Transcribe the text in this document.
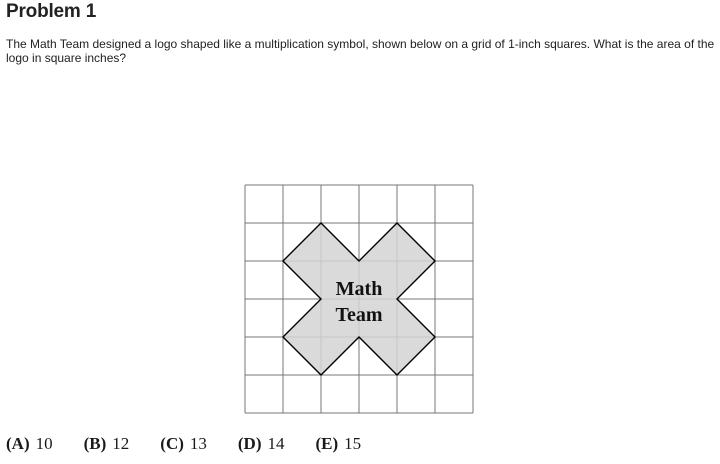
Problem 1

The Math Team designed a logo shaped like a multiplication symbol, shown below on a grid of 1-inch squares. What is the area of the logo in square inches?

Math
Team
(A) 10 (B) 12 (C) 13 (D) 14 (E) 15
